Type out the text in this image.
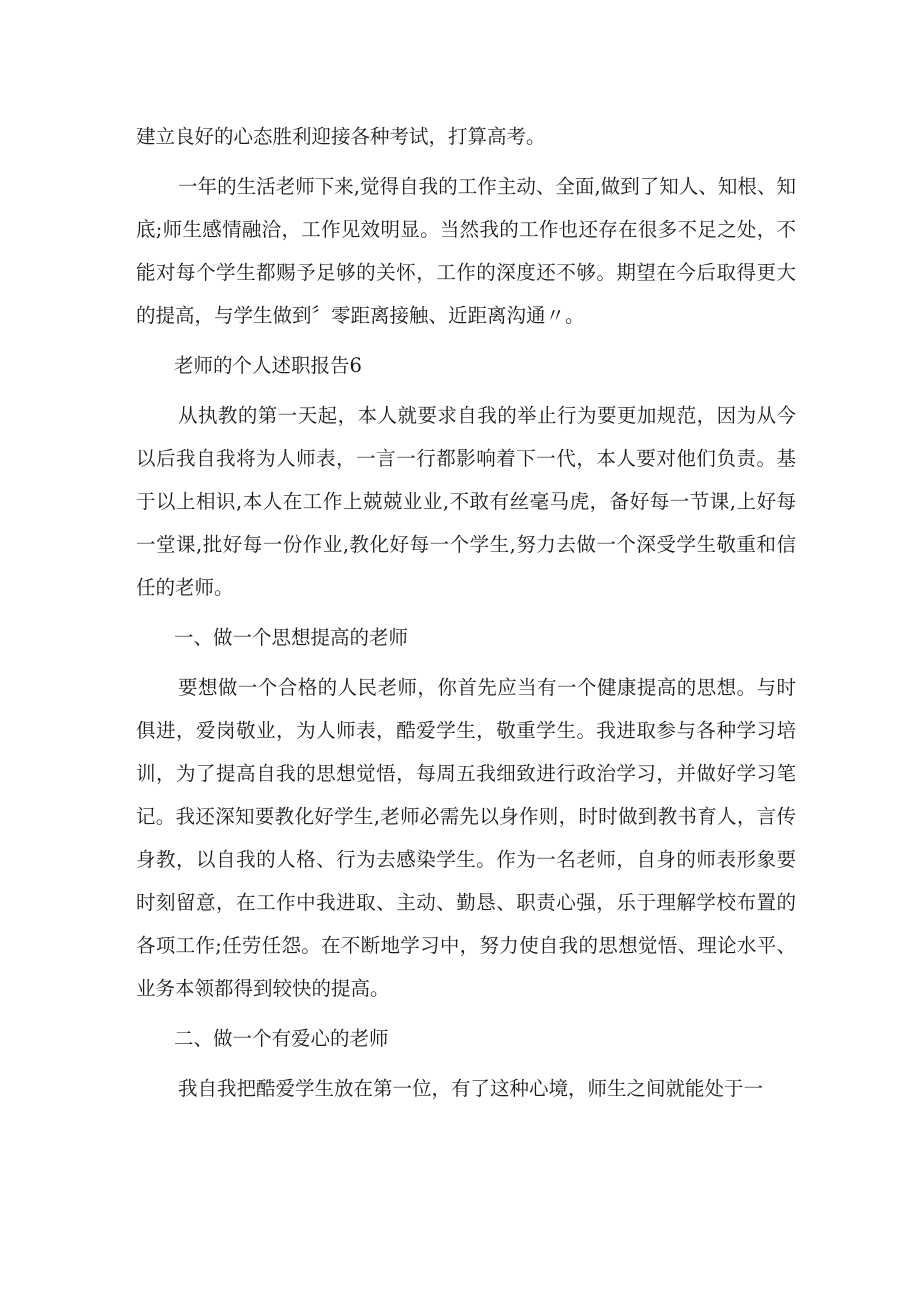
建立良好的心态胜利迎接各种考试，打算高考。

一年的生活老师下来,觉得自我的工作主动、全面,做到了知人、知根、知底;师生感情融洽，工作见效明显。当然我的工作也还存在很多不足之处，不能对每个学生都赐予足够的关怀，工作的深度还不够。期望在今后取得更大的提高，与学生做到〞零距离接触、近距离沟通〃。

老师的个人述职报告6

从执教的第一天起，本人就要求自我的举止行为要更加规范，因为从今以后我自我将为人师表，一言一行都影响着下一代，本人要对他们负责。基于以上相识,本人在工作上兢兢业业,不敢有丝毫马虎，备好每一节课,上好每一堂课,批好每一份作业,教化好每一个学生,努力去做一个深受学生敬重和信任的老师。

一、做一个思想提高的老师

要想做一个合格的人民老师，你首先应当有一个健康提高的思想。与时俱进，爱岗敬业，为人师表，酷爱学生，敬重学生。我进取参与各种学习培训，为了提高自我的思想觉悟，每周五我细致进行政治学习，并做好学习笔记。我还深知要教化好学生,老师必需先以身作则，时时做到教书育人，言传身教，以自我的人格、行为去感染学生。作为一名老师，自身的师表形象要时刻留意，在工作中我进取、主动、勤恳、职责心强，乐于理解学校布置的各项工作;任劳任怨。在不断地学习中，努力使自我的思想觉悟、理论水平、业务本领都得到较快的提高。

二、做一个有爱心的老师

我自我把酷爱学生放在第一位，有了这种心境，师生之间就能处于一
